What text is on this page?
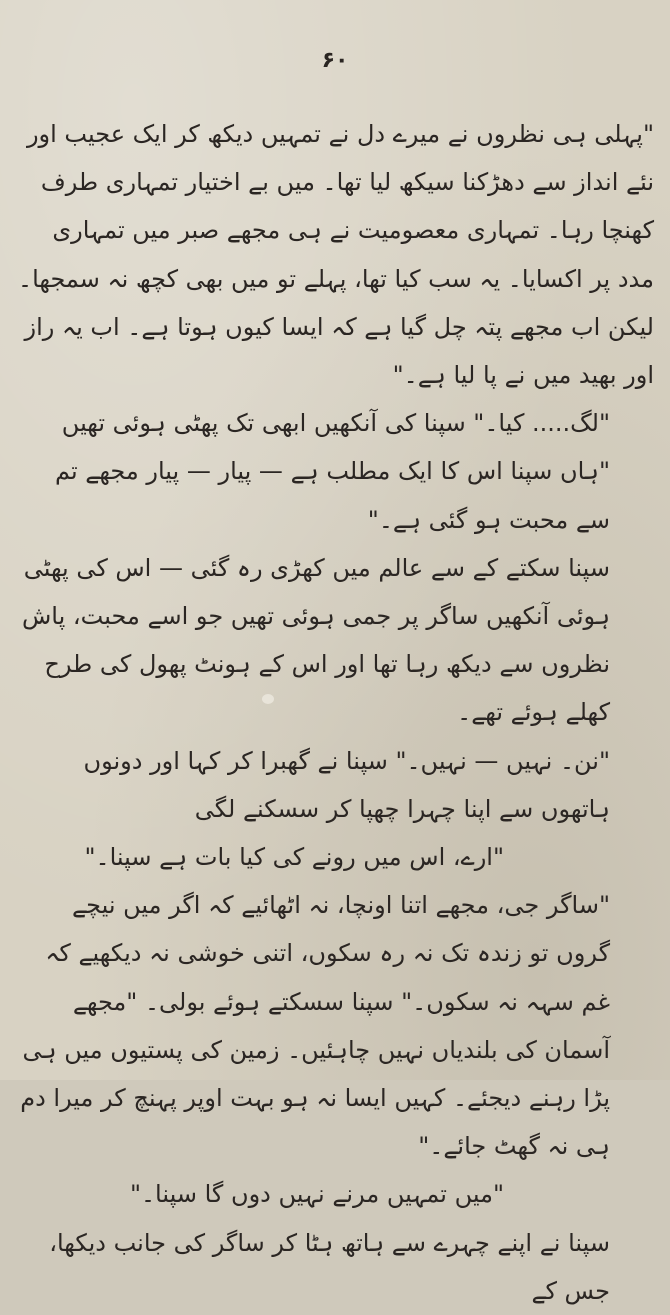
۶۰

"پہلی ہی نظروں نے میرے دل نے تمہیں دیکھ کر ایک عجیب اور نئے انداز سے دھڑکنا سیکھ لیا تھا۔ میں بے اختیار تمہاری طرف کھنچا رہا۔ تمہاری معصومیت نے ہی مجھے صبر میں تمہاری مدد پر اکسایا۔ یہ سب کیا تھا، پہلے تو میں بھی کچھ نہ سمجھا۔ لیکن اب مجھے پتہ چل گیا ہے کہ ایسا کیوں ہوتا ہے۔ اب یہ راز اور بھید میں نے پا لیا ہے۔"

"لگ..... کیا۔" سپنا کی آنکھیں ابھی تک پھٹی ہوئی تھیں

"ہاں سپنا اس کا ایک مطلب ہے — پیار — پیار مجھے تم سے محبت ہو گئی ہے۔"

سپنا سکتے کے سے عالم میں کھڑی رہ گئی — اس کی پھٹی ہوئی آنکھیں ساگر پر جمی ہوئی تھیں جو اسے محبت، پاش نظروں سے دیکھ رہا تھا اور اس کے ہونٹ پھول کی طرح کھلے ہوئے تھے۔

"نن۔ نہیں — نہیں۔" سپنا نے گھبرا کر کہا اور دونوں ہاتھوں سے اپنا چہرا چھپا کر سسکنے لگی

"ارے، اس میں رونے کی کیا بات ہے سپنا۔"

"ساگر جی، مجھے اتنا اونچا، نہ اٹھائیے کہ اگر میں نیچے گروں تو زندہ تک نہ رہ سکوں، اتنی خوشی نہ دیکھیے کہ غم سہہ نہ سکوں۔" سپنا سسکتے ہوئے بولی۔ "مجھے آسمان کی بلندیاں نہیں چاہئیں۔ زمین کی پستیوں میں ہی پڑا رہنے دیجئے۔ کہیں ایسا نہ ہو بہت اوپر پہنچ کر میرا دم ہی نہ گھٹ جائے۔"

"میں تمہیں مرنے نہیں دوں گا سپنا۔"

سپنا نے اپنے چہرے سے ہاتھ ہٹا کر ساگر کی جانب دیکھا، جس کے
